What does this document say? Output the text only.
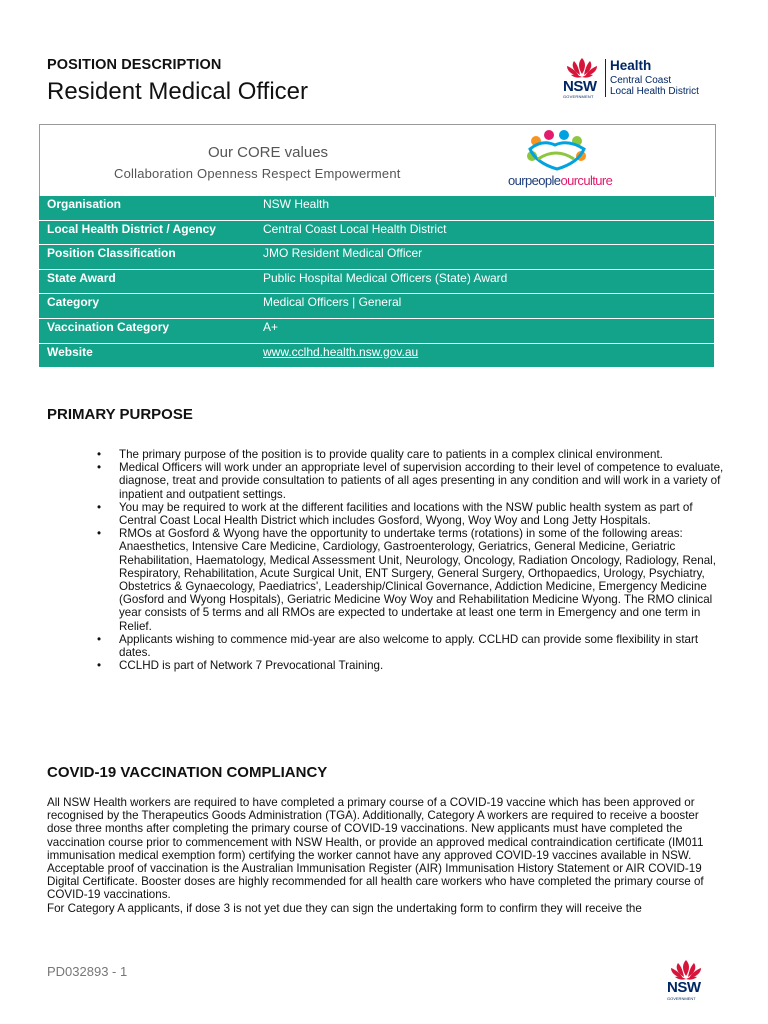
POSITION DESCRIPTION
Resident Medical Officer	NSW
GOVERNMENT
Health
Central Coast
Local Health District
Our CORE values
Collaboration Openness Respect Empowerment	ourpeopleourculture
Organisation	NSW Health
Local Health District / Agency	Central Coast Local Health District
Position Classification	JMO Resident Medical Officer
State Award	Public Hospital Medical Officers (State) Award
Category	Medical Officers | General
Vaccination Category	A+
Website	www.cclhd.health.nsw.gov.au
PRIMARY PURPOSE
• The primary purpose of the position is to provide quality care to patients in a complex clinical environment.
• Medical Officers will work under an appropriate level of supervision according to their level of competence to evaluate, diagnose, treat and provide consultation to patients of all ages presenting in any condition and will work in a variety of inpatient and outpatient settings.
• You may be required to work at the different facilities and locations with the NSW public health system as part of Central Coast Local Health District which includes Gosford, Wyong, Woy Woy and Long Jetty Hospitals.
• RMOs at Gosford & Wyong have the opportunity to undertake terms (rotations) in some of the following areas: Anaesthetics, Intensive Care Medicine, Cardiology, Gastroenterology, Geriatrics, General Medicine, Geriatric Rehabilitation, Haematology, Medical Assessment Unit, Neurology, Oncology, Radiation Oncology, Radiology, Renal, Respiratory, Rehabilitation, Acute Surgical Unit, ENT Surgery, General Surgery, Orthopaedics, Urology, Psychiatry, Obstetrics & Gynaecology, Paediatrics', Leadership/Clinical Governance, Addiction Medicine, Emergency Medicine (Gosford and Wyong Hospitals), Geriatric Medicine Woy Woy and Rehabilitation Medicine Wyong. The RMO clinical year consists of 5 terms and all RMOs are expected to undertake at least one term in Emergency and one term in Relief.
• Applicants wishing to commence mid-year are also welcome to apply. CCLHD can provide some flexibility in start dates.
• CCLHD is part of Network 7 Prevocational Training.
COVID-19 VACCINATION COMPLIANCY

All NSW Health workers are required to have completed a primary course of a COVID-19 vaccine which has been approved or recognised by the Therapeutics Goods Administration (TGA). Additionally, Category A workers are required to receive a booster dose three months after completing the primary course of COVID-19 vaccinations. New applicants must have completed the vaccination course prior to commencement with NSW Health, or provide an approved medical contraindication certificate (IM011 immunisation medical exemption form) certifying the worker cannot have any approved COVID-19 vaccines available in NSW.

Acceptable proof of vaccination is the Australian Immunisation Register (AIR) Immunisation History Statement or AIR COVID-19 Digital Certificate. Booster doses are highly recommended for all health care workers who have completed the primary course of COVID-19 vaccinations.

For Category A applicants, if dose 3 is not yet due they can sign the undertaking form to confirm they will receive the

PD032893 - 1
NSW
GOVERNMENT
